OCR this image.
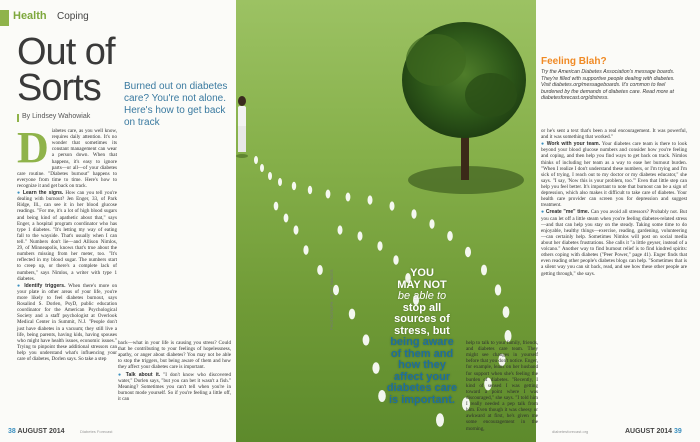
Health Coping
Out of
Sorts	Burned out on diabetes care? You're not alone. Here's how to get back on track

By Lindsey Wahowiak

Diabetes care, as you well know, requires daily attention. It's no wonder that sometimes its constant management can wear a person down. When that happens, it's easy to ignore parts—or all—of your diabetes care routine. "Diabetes burnout" happens to everyone from time to time. Here's how to recognize it and get back on track.

● Learn the signs. How can you tell you're dealing with burnout? Jen Enger, 33, of Park Ridge, Ill., can see it in her blood glucose readings. "For me, it's a lot of high blood sugars and being kind of apathetic about that," says Enger, a hospital program coordinator who has type 1 diabetes. "It's letting my way of eating fall to the wayside. That's usually when I can tell." Numbers don't lie—and Allison Nimlos, 29, of Minneapolis, knows that's true about the numbers missing from her meter, too. "It's reflected in my blood sugar. The numbers start to creep up, or there's a complete lack of numbers," says Nimlos, a writer with type 1 diabetes.

● Identify triggers. When there's more on your plate in other areas of your life, you're more likely to feel diabetes burnout, says Rosalind S. Dorlen, PsyD, public education coordinator for the American Psychological Society and a staff psychologist at Overlook Medical Center in Summit, N.J. "People don't just have diabetes in a vacuum; they still live a life, being parents, having kids, having spouses who might have health issues, economic issues." Trying to pinpoint these additional stressors can help you understand what's influencing your care of diabetes, Dorlen says. So take a step

back—what in your life is causing you stress? Could that be contributing to your feelings of hopelessness, apathy, or anger about diabetes? You may not be able to stop the triggers, but being aware of them and how they affect your diabetes care is important.

● Talk about it. "I don't know who discovered water," Dorlen says, "but you can bet it wasn't a fish." Meaning? Sometimes you can't tell when you're in burnout mode yourself. So if you're feeling a little off, it can

PHOTOGRAPH: GETTY IMAGES	YOU
MAY NOT
be able to
stop all
sources of
stress, but
being aware
of them and
how they
affect your
diabetes care
is important.

help to talk to your family, friends, and diabetes care team. They might see changes in yourself before that you don't notice. Enger, for example, leans on her husband for support when she's feeling the burden of diabetes. "Recently, I kind of sensed I was getting toward a point where I was discouraged," she says. "I told him I really needed a pep talk from him. Even though it was cheesy or awkward at first, he's given me some encouragement in the morning,

Feeling Blah?

Try the American Diabetes Association's message boards. They're filled with supportive people dealing with diabetes. Visit diabetes.org/messageboards. It's common to feel burdened by the demands of diabetes care. Read more at diabetesforecast.org/distress.

or he's sent a text that's been a real encouragement. It was powerful, and it was something that worked."

● Work with your team. Your diabetes care team is there to look beyond your blood glucose numbers and consider how you're feeling and coping, and then help you find ways to get back on track. Nimlos thinks of including her team as a way to ease her burnout burden. "When I realize I don't understand these numbers, or I'm trying and I'm sick of trying, I reach out to my doctor or my diabetes educator," she says. "I say, 'Now this is your problem, too.'" Even that little step can help you feel better. It's important to note that burnout can be a sign of depression, which also makes it difficult to take care of diabetes. Your health care provider can screen you for depression and suggest treatment.

● Create "me" time. Can you avoid all stressors? Probably not. But you can let off a little steam when you're feeling diabetes-related stress—and that can help you stay on the steady. Taking some time to do enjoyable, healthy things—exercise, reading, gardening, volunteering—can certainly help. Sometimes Nimlos will post on social media about her diabetes frustrations. She calls it "a little geyser, instead of a volcano." Another way to find burnout relief is to find kindred spirits: others coping with diabetes ("Peer Power," page 41). Enger finds that even reading other people's diabetes blogs can help. "Sometimes that is a silent way you can sit back, read, and see how these other people are getting through," she says.

38 AUGUST 2014	Diabetes Forecast	diabetesforecast.org	AUGUST 2014 39
